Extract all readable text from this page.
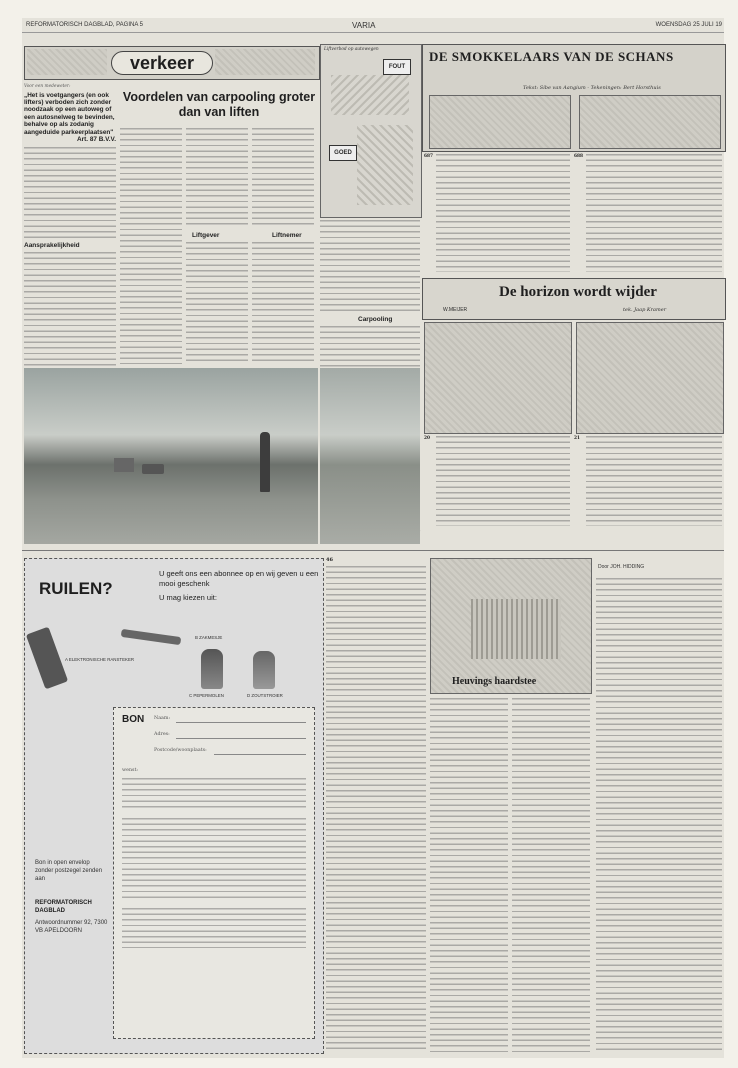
REFORMATORISCH DAGBLAD, PAGINA 5	VARIA	WOENSDAG 25 JULI 19
verkeer
Voor een medeweter:
„Het is voetgangers (en ook lifters) verboden zich zonder noodzaak op een autoweg of een autosnelweg te bevinden, behalve op als zodanig aangeduide parkeerplaatsen"
Art. 87 B.V.V.
Aansprakelijkheid
Voordelen van carpooling groter dan van liften
Liftgever	Liftnemer
Liftverbod op autowegen
FOUT
GOED
Carpooling
DE SMOKKELAARS VAN DE SCHANS
Tekst: Sibe van Aangium - Tekeningen: Bert Horsthuis
687	688
De horizon wordt wijder
W.MEIJER	tek. Jaap Kramer
20	21
RUILEN?
U geeft ons een abonnee op en wij geven u een mooi geschenk
U mag kiezen uit:
A ELEKTRONISCHE RANSTEKER
B ZAKMESJE
C PEPERMOLEN	D ZOUTSTROIER
BON Naam:
Adres:
Postcode/woonplaats:
wenst:
Bon in open envelop zonder postzegel zenden aan
REFORMATORISCH DAGBLAD
Antwoordnummer 92, 7300 VB APELDOORN
46
Door JOH. HIDDING
Heuvings haardstee
